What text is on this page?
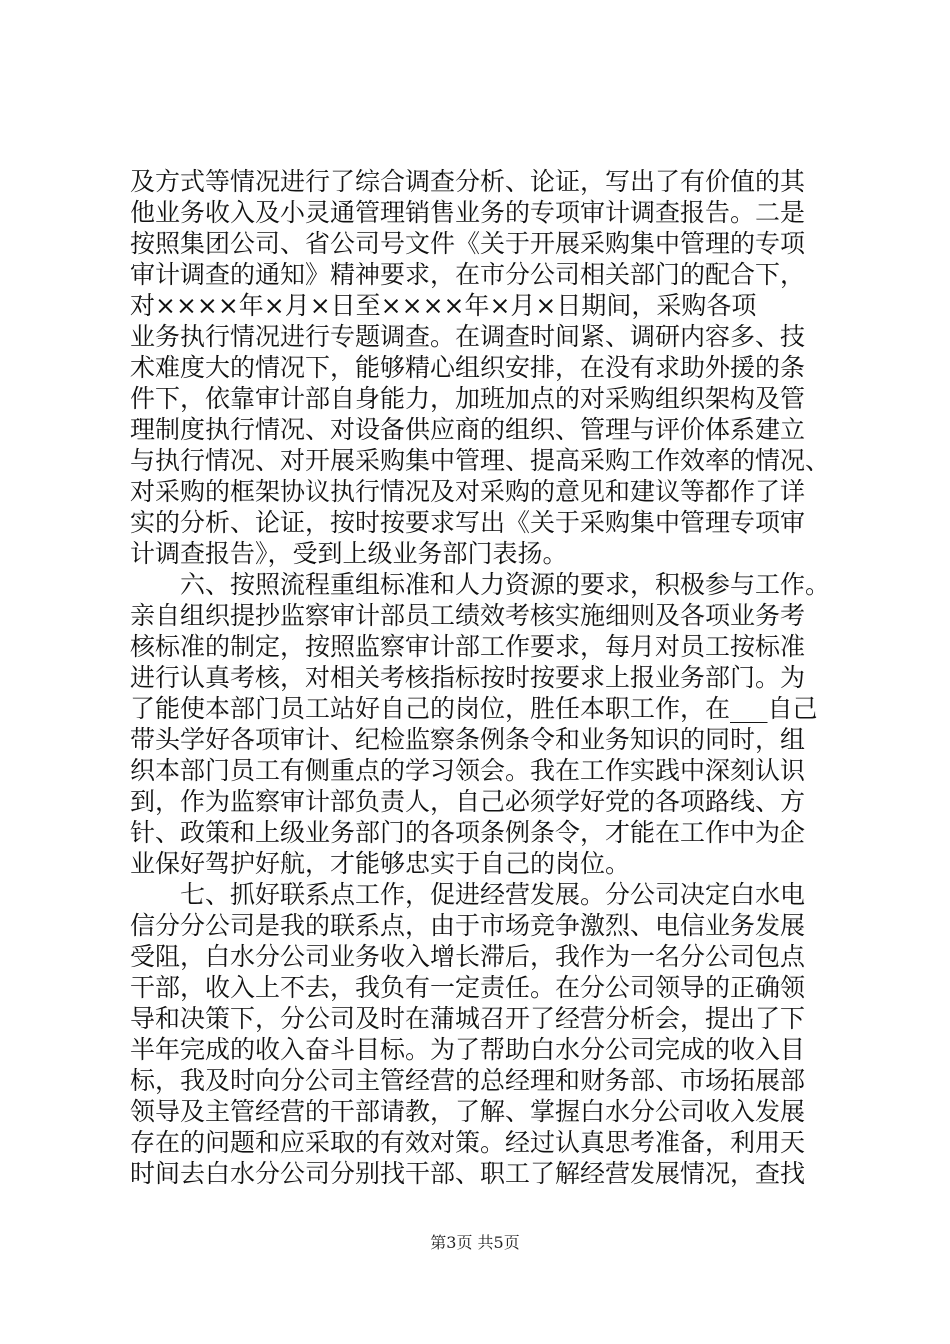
及方式等情况进行了综合调查分析、论证，写出了有价值的其
他业务收入及小灵通管理销售业务的专项审计调查报告。二是
按照集团公司、省公司号文件《关于开展采购集中管理的专项
审计调查的通知》精神要求，在市分公司相关部门的配合下，
对××××年×月×日至××××年×月×日期间，采购各项
业务执行情况进行专题调查。在调查时间紧、调研内容多、技
术难度大的情况下，能够精心组织安排，在没有求助外援的条
件下，依靠审计部自身能力，加班加点的对采购组织架构及管
理制度执行情况、对设备供应商的组织、管理与评价体系建立
与执行情况、对开展采购集中管理、提高采购工作效率的情况、
对采购的框架协议执行情况及对采购的意见和建议等都作了详
实的分析、论证，按时按要求写出《关于采购集中管理专项审
计调查报告》，受到上级业务部门表扬。
　　六、按照流程重组标准和人力资源的要求，积极参与工作。
亲自组织提抄监察审计部员工绩效考核实施细则及各项业务考
核标准的制定，按照监察审计部工作要求，每月对员工按标准
进行认真考核，对相关考核指标按时按要求上报业务部门。为
了能使本部门员工站好自己的岗位，胜任本职工作，在___自己
带头学好各项审计、纪检监察条例条令和业务知识的同时，组
织本部门员工有侧重点的学习领会。我在工作实践中深刻认识
到，作为监察审计部负责人，自己必须学好党的各项路线、方
针、政策和上级业务部门的各项条例条令，才能在工作中为企
业保好驾护好航，才能够忠实于自己的岗位。
　　七、抓好联系点工作，促进经营发展。分公司决定白水电
信分分公司是我的联系点，由于市场竞争激烈、电信业务发展
受阻，白水分公司业务收入增长滞后，我作为一名分公司包点
干部，收入上不去，我负有一定责任。在分公司领导的正确领
导和决策下，分公司及时在蒲城召开了经营分析会，提出了下
半年完成的收入奋斗目标。为了帮助白水分公司完成的收入目
标，我及时向分公司主管经营的总经理和财务部、市场拓展部
领导及主管经营的干部请教，了解、掌握白水分公司收入发展
存在的问题和应采取的有效对策。经过认真思考准备，利用天
时间去白水分公司分别找干部、职工了解经营发展情况，查找
第3页 共5页
